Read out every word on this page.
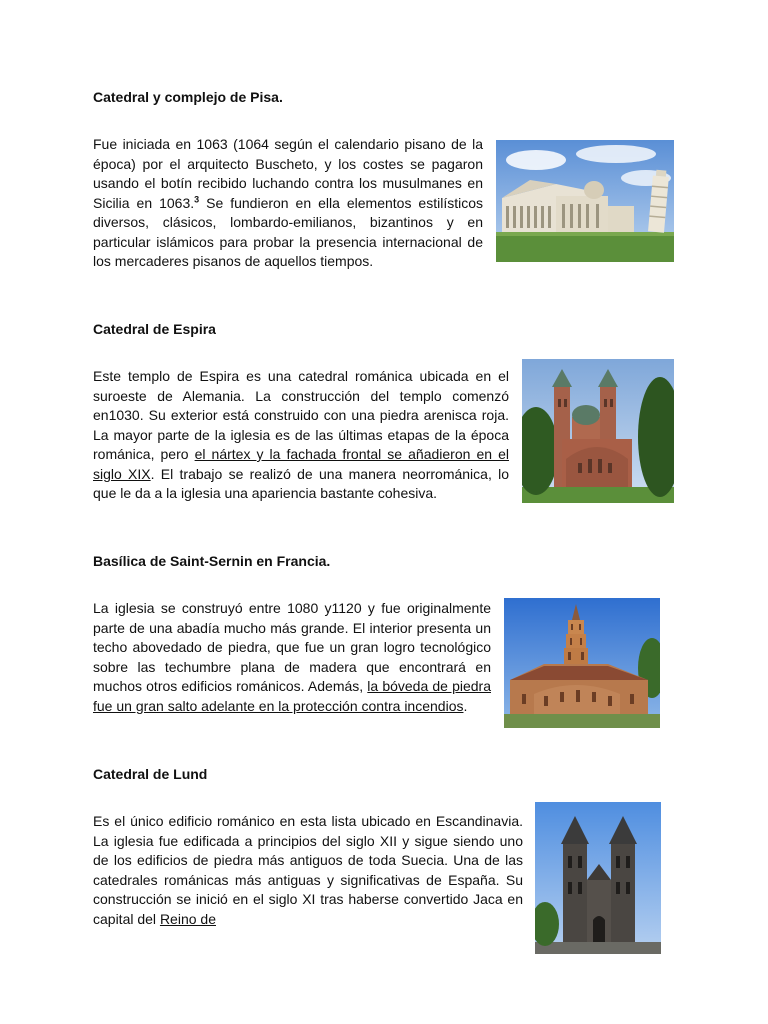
Catedral y complejo de Pisa.
Fue iniciada en 1063 (1064 según el calendario pisano de la época) por el arquitecto Buscheto, y los costes se pagaron usando el botín recibido luchando contra los musulmanes en Sicilia en 1063.$^3$ Se fundieron en ella elementos estilísticos diversos, clásicos, lombardo-emilianos, bizantinos y en particular islámicos para probar la presencia internacional de los mercaderes pisanos de aquellos tiempos.
Catedral de Espira
Este templo de Espira es una catedral románica ubicada en el suroeste de Alemania. La construcción del templo comenzó en1030. Su exterior está construido con una piedra arenisca roja. La mayor parte de la iglesia es de las últimas etapas de la época románica, pero el nártex y la fachada frontal se añadieron en el siglo XIX. El trabajo se realizó de una manera neorrománica, lo que le da a la iglesia una apariencia bastante cohesiva.
Basílica de Saint-Sernin en Francia.
La iglesia se construyó entre 1080 y1120 y fue originalmente parte de una abadía mucho más grande. El interior presenta un techo abovedado de piedra, que fue un gran logro tecnológico sobre las techumbre plana de madera que encontrará en muchos otros edificios románicos. Además, la bóveda de piedra fue un gran salto adelante en la protección contra incendios.
Catedral de Lund
Es el único edificio románico en esta lista ubicado en Escandinavia. La iglesia fue edificada a principios del siglo XII y sigue siendo uno de los edificios de piedra más antiguos de toda Suecia. Una de las catedrales románicas más antiguas y significativas de España. Su construcción se inició en el siglo XI tras haberse convertido Jaca en capital del Reino de
